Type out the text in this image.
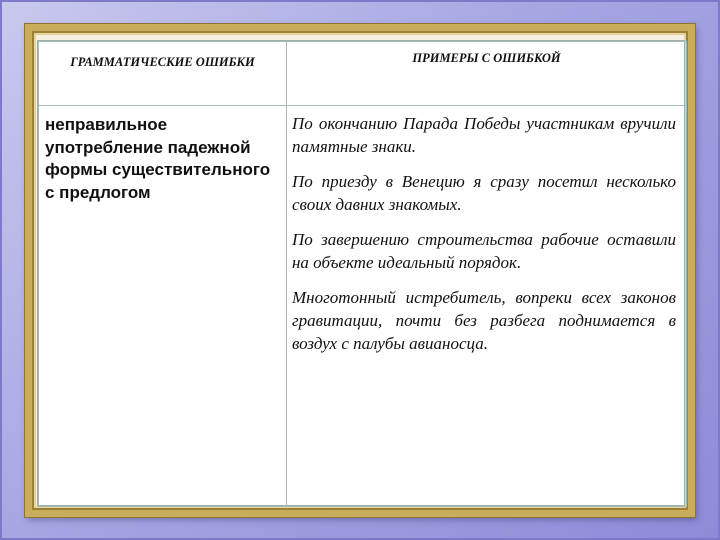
ГРАММАТИЧЕСКИЕ ОШИБКИ	ПРИМЕРЫ С ОШИБКОЙ
неправильное употребление падежной формы существительного с предлогом	По окончанию Парада Победы участникам вручили памятные знаки.

По приезду в Венецию я сразу посетил несколько своих давних знакомых.

По завершению строительства рабочие оставили на объекте идеальный порядок.

Многотонный истребитель, вопреки всех законов гравитации, почти без разбега поднимается в воздух с палубы авианосца.
